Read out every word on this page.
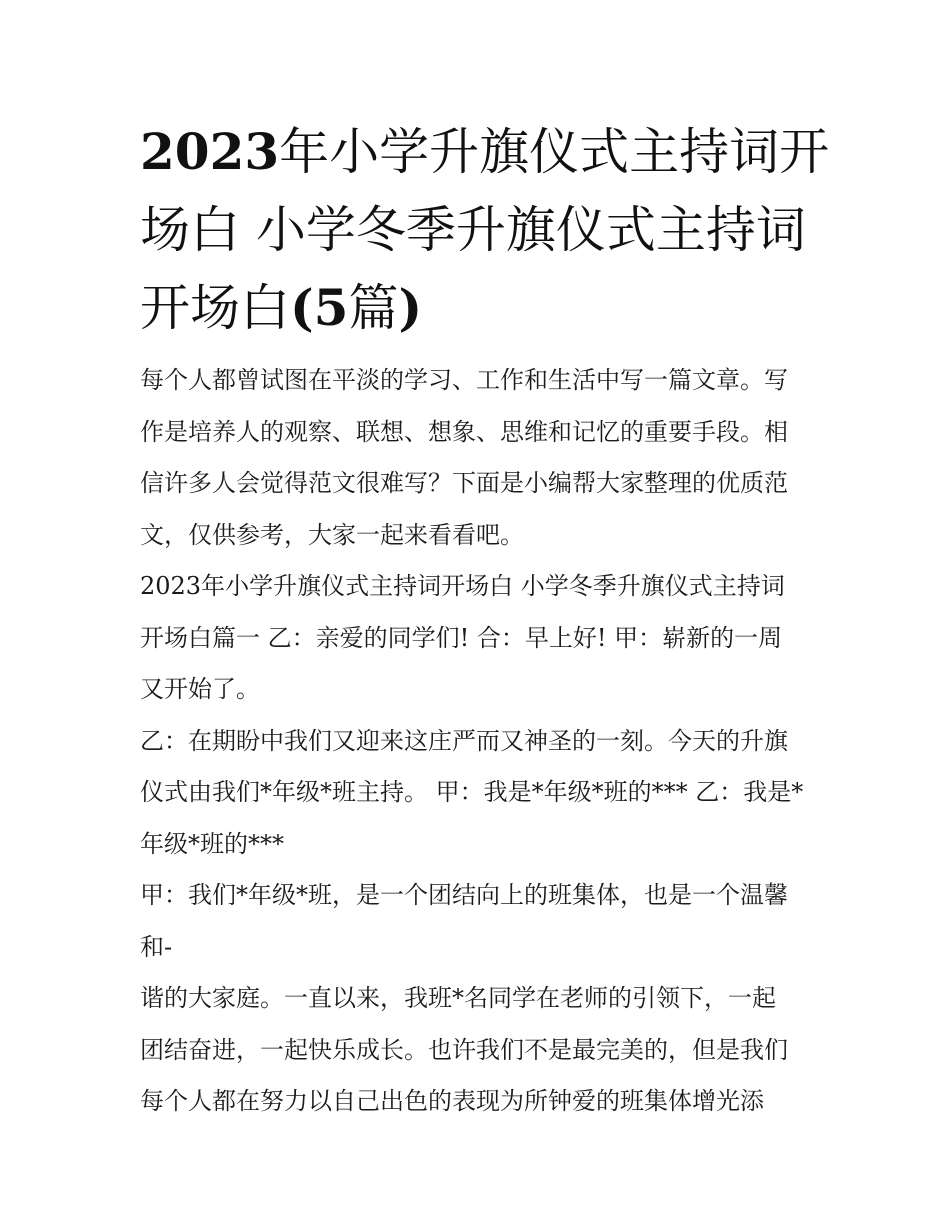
2023年小学升旗仪式主持词开
场白 小学冬季升旗仪式主持词
开场白(5篇)
每个人都曾试图在平淡的学习、工作和生活中写一篇文章。写
作是培养人的观察、联想、想象、思维和记忆的重要手段。相
信许多人会觉得范文很难写？下面是小编帮大家整理的优质范
文，仅供参考，大家一起来看看吧。
2023年小学升旗仪式主持词开场白 小学冬季升旗仪式主持词
开场白篇一 乙：亲爱的同学们! 合：早上好! 甲：崭新的一周
又开始了。
乙：在期盼中我们又迎来这庄严而又神圣的一刻。今天的升旗
仪式由我们*年级*班主持。 甲：我是*年级*班的*** 乙：我是*
年级*班的***
甲：我们*年级*班，是一个团结向上的班集体，也是一个温馨
和-
谐的大家庭。一直以来，我班*名同学在老师的引领下，一起
团结奋进，一起快乐成长。也许我们不是最完美的，但是我们
每个人都在努力以自己出色的表现为所钟爱的班集体增光添
